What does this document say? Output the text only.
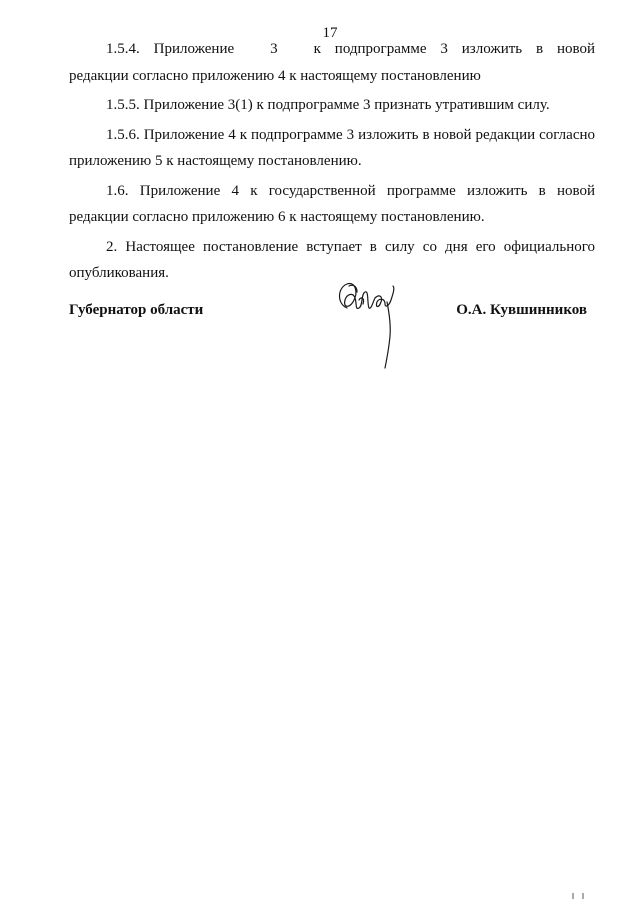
17

1.5.4. Приложение 3 к подпрограмме 3 изложить в новой редакции согласно приложению 4 к настоящему постановлению

1.5.5. Приложение 3(1) к подпрограмме 3 признать утратившим силу.

1.5.6. Приложение 4 к подпрограмме 3 изложить в новой редакции согласно приложению 5 к настоящему постановлению.

1.6. Приложение 4 к государственной программе изложить в новой редакции согласно приложению 6 к настоящему постановлению.

2. Настоящее постановление вступает в силу со дня его официального опубликования.

Губернатор области	О.А. Кувшинников
